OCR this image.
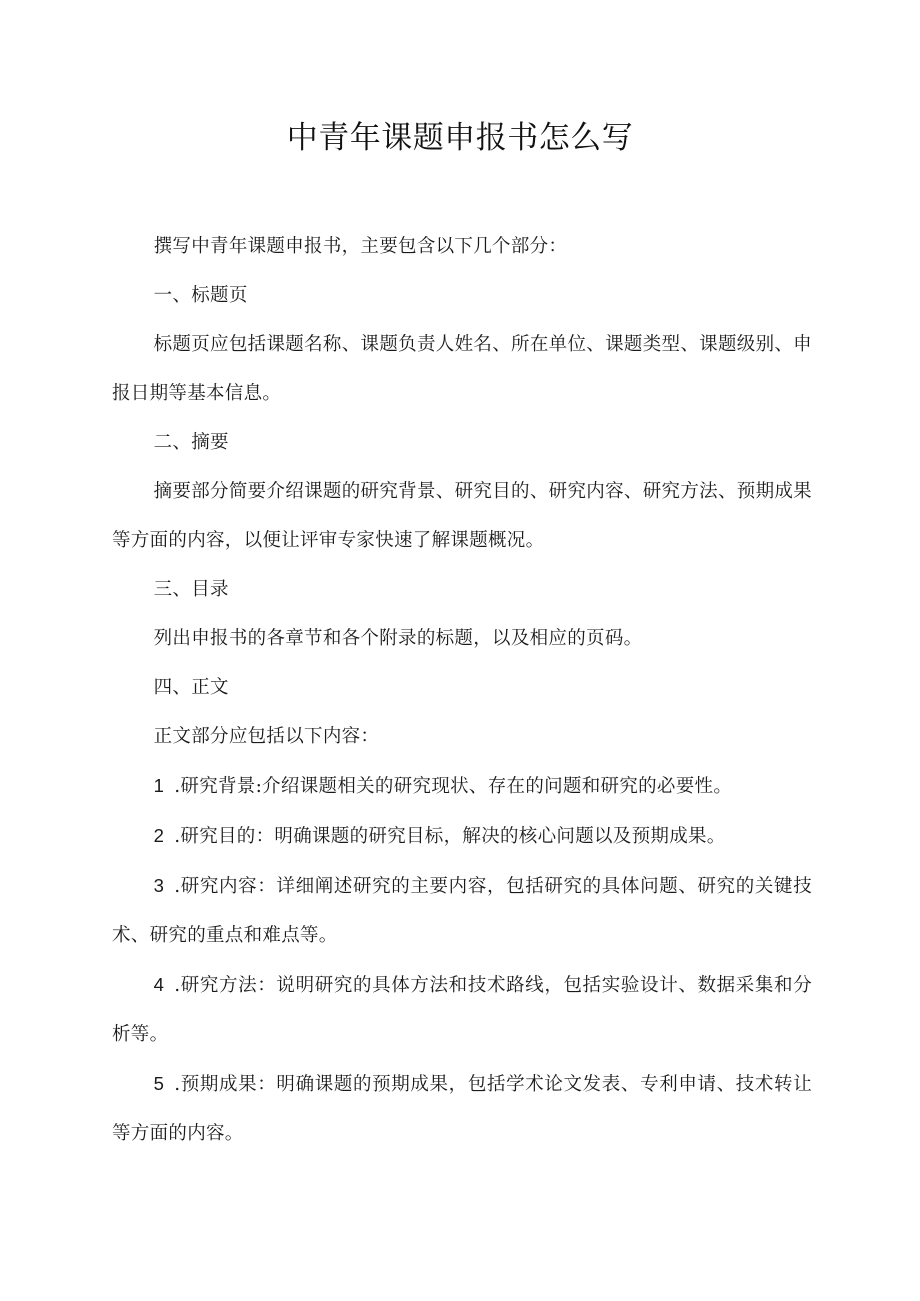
中青年课题申报书怎么写

撰写中青年课题申报书，主要包含以下几个部分：

一、标题页

标题页应包括课题名称、课题负责人姓名、所在单位、课题类型、课题级别、申报日期等基本信息。

二、摘要

摘要部分简要介绍课题的研究背景、研究目的、研究内容、研究方法、预期成果等方面的内容，以便让评审专家快速了解课题概况。

三、目录

列出申报书的各章节和各个附录的标题，以及相应的页码。

四、正文

正文部分应包括以下内容：

1 .研究背景:介绍课题相关的研究现状、存在的问题和研究的必要性。

2 .研究目的：明确课题的研究目标，解决的核心问题以及预期成果。

3 .研究内容：详细阐述研究的主要内容，包括研究的具体问题、研究的关键技术、研究的重点和难点等。

4 .研究方法：说明研究的具体方法和技术路线，包括实验设计、数据采集和分析等。

5 .预期成果：明确课题的预期成果，包括学术论文发表、专利申请、技术转让等方面的内容。
